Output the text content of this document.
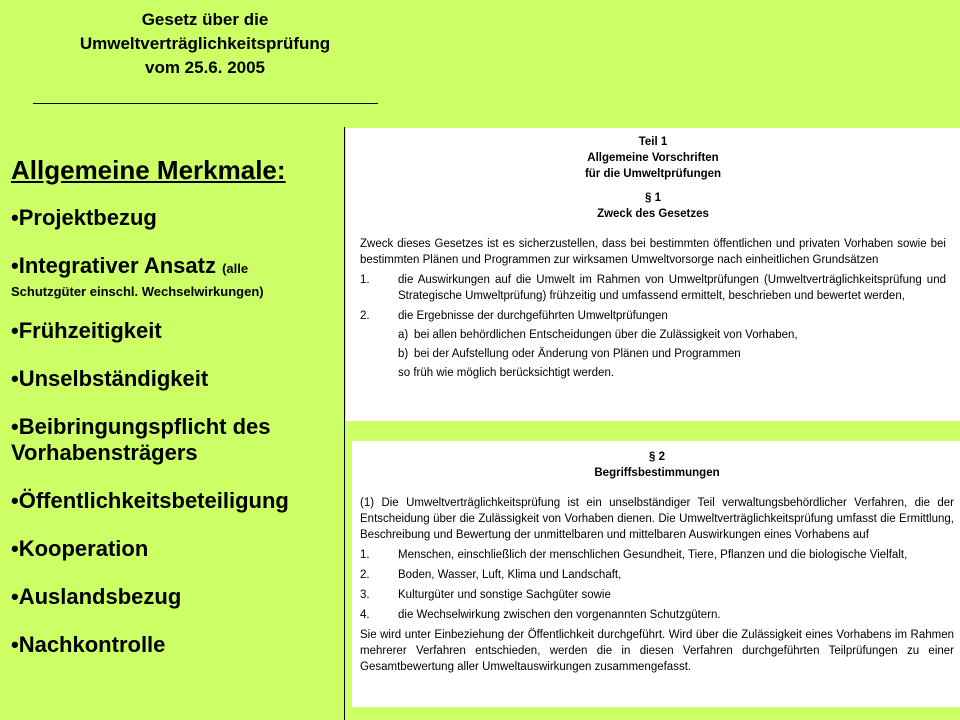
Gesetz über die
Umweltverträglichkeitsprüfung
vom 25.6. 2005
Allgemeine Merkmale:
•Projektbezug
•Integrativer Ansatz (alle
Schutzgüter einschl. Wechselwirkungen)
•Frühzeitigkeit
•Unselbständigkeit
•Beibringungspflicht des Vorhabensträgers
•Öffentlichkeitsbeteiligung
•Kooperation
•Auslandsbezug
•Nachkontrolle
Teil 1
Allgemeine Vorschriften
für die Umweltprüfungen
§ 1
Zweck des Gesetzes

Zweck dieses Gesetzes ist es sicherzustellen, dass bei bestimmten öffentlichen und privaten Vorhaben sowie bei bestimmten Plänen und Programmen zur wirksamen Umweltvorsorge nach einheitlichen Grundsätzen

1.	die Auswirkungen auf die Umwelt im Rahmen von Umweltprüfungen (Umweltverträglichkeitsprüfung und Strategische Umweltprüfung) frühzeitig und umfassend ermittelt, beschrieben und bewertet werden,
2.	die Ergebnisse der durchgeführten Umweltprüfungen
a) bei allen behördlichen Entscheidungen über die Zulässigkeit von Vorhaben,
b) bei der Aufstellung oder Änderung von Plänen und Programmen
so früh wie möglich berücksichtigt werden.
§ 2
Begriffsbestimmungen

(1) Die Umweltverträglichkeitsprüfung ist ein unselbständiger Teil verwaltungsbehördlicher Verfahren, die der Entscheidung über die Zulässigkeit von Vorhaben dienen. Die Umweltverträglichkeitsprüfung umfasst die Ermittlung, Beschreibung und Bewertung der unmittelbaren und mittelbaren Auswirkungen eines Vorhabens auf

1.	Menschen, einschließlich der menschlichen Gesundheit, Tiere, Pflanzen und die biologische Vielfalt,
2.	Boden, Wasser, Luft, Klima und Landschaft,
3.	Kulturgüter und sonstige Sachgüter sowie
4.	die Wechselwirkung zwischen den vorgenannten Schutzgütern.

Sie wird unter Einbeziehung der Öffentlichkeit durchgeführt. Wird über die Zulässigkeit eines Vorhabens im Rahmen mehrerer Verfahren entschieden, werden die in diesen Verfahren durchgeführten Teilprüfungen zu einer Gesamtbewertung aller Umweltauswirkungen zusammengefasst.
